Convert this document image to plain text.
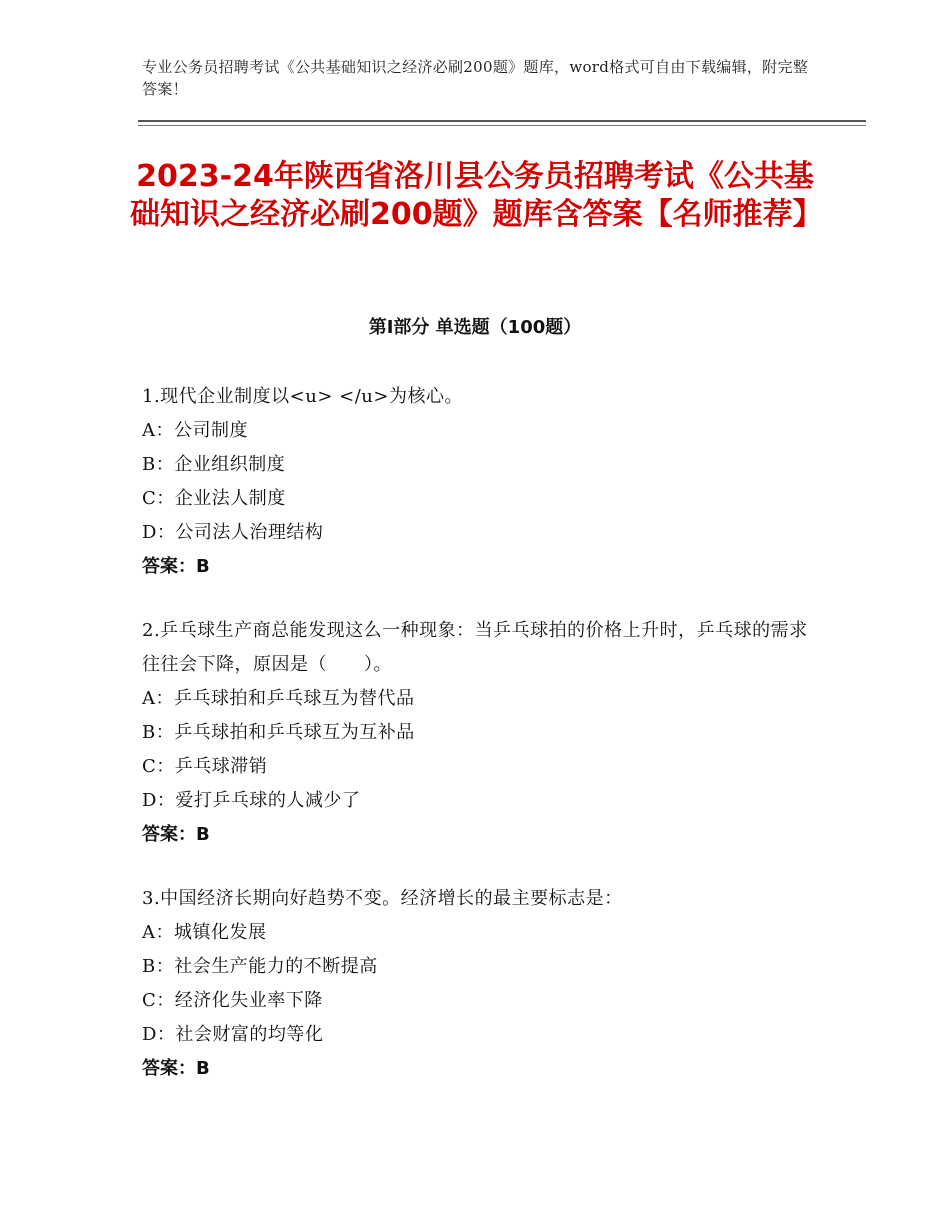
专业公务员招聘考试《公共基础知识之经济必刷200题》题库，word格式可自由下载编辑，附完整答案！
2023-24年陕西省洛川县公务员招聘考试《公共基础知识之经济必刷200题》题库含答案【名师推荐】
第Ⅰ部分 单选题（100题）

1.现代企业制度以<u> </u>为核心。

A：公司制度

B：企业组织制度

C：企业法人制度

D：公司法人治理结构

答案：B

2.乒乓球生产商总能发现这么一种现象：当乒乓球拍的价格上升时，乒乓球的需求往往会下降，原因是（　　）。

A：乒乓球拍和乒乓球互为替代品

B：乒乓球拍和乒乓球互为互补品

C：乒乓球滞销

D：爱打乒乓球的人减少了

答案：B

3.中国经济长期向好趋势不变。经济增长的最主要标志是：

A：城镇化发展

B：社会生产能力的不断提高

C：经济化失业率下降

D：社会财富的均等化

答案：B
